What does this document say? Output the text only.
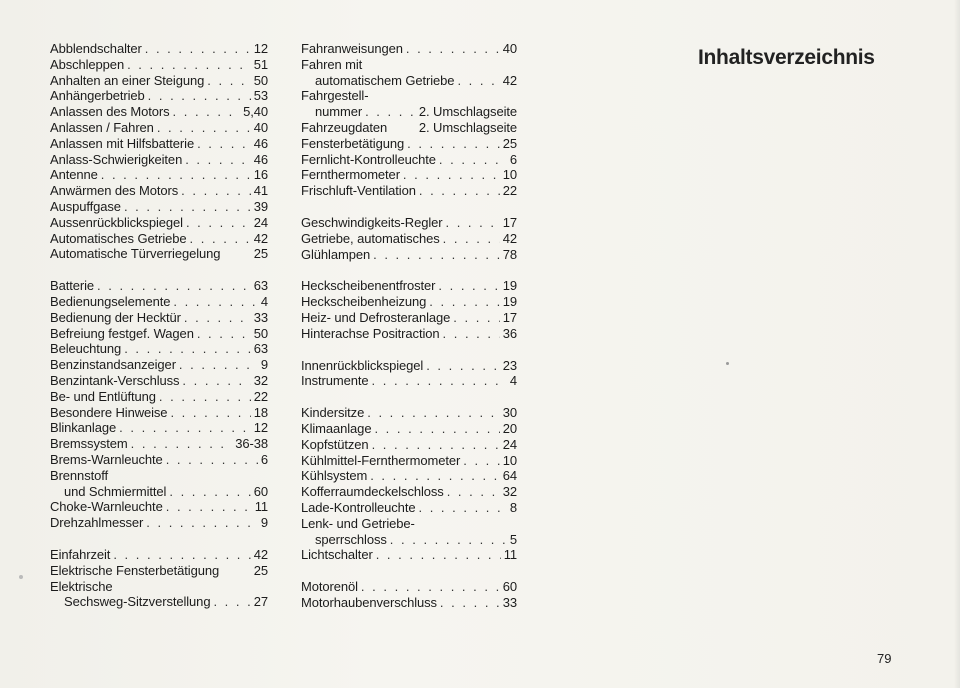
Abblendschalter . . .	12
Abschleppen . . .	51
Anhalten an einer Steigung . . .	50
Anhängerbetrieb . . .	53
Anlassen des Motors . . .	5,40
Anlassen / Fahren . . .	40
Anlassen mit Hilfsbatterie . . .	46
Anlass-Schwierigkeiten . . .	46
Antenne . . .	16
Anwärmen des Motors . . .	41
Auspuffgase . . .	39
Aussenrückblickspiegel . . .	24
Automatisches Getriebe . . .	42
Automatische Türverriegelung	25
Batterie . . .	63
Bedienungselemente . . .	4
Bedienung der Hecktür . . .	33
Befreiung festgef. Wagen . . .	50
Beleuchtung . . .	63
Benzinstandsanzeiger . . .	9
Benzintank-Verschluss . . .	32
Be- und Entlüftung . . .	22
Besondere Hinweise . . .	18
Blinkanlage . . .	12
Bremssystem . . .	36-38
Brems-Warnleuchte . . .	6
Brennstoff
und Schmiermittel . . .	60
Choke-Warnleuchte . . .	11
Drehzahlmesser . . .	9
Einfahrzeit . . .	42
Elektrische Fensterbetätigung	25
Elektrische
Sechsweg-Sitzverstellung . . .	27
Fahranweisungen . . .	40
Fahren mit
automatischem Getriebe . . .	42
Fahrgestell-
nummer . . .	2. Umschlagseite
Fahrzeugdaten 2. Umschlagseite
Fensterbetätigung . . .	25
Fernlicht-Kontrolleuchte . . .	6
Fernthermometer . . .	10
Frischluft-Ventilation . . .	22
Geschwindigkeits-Regler . . .	17
Getriebe, automatisches . . .	42
Glühlampen . . .	78
Heckscheibenentfroster . . .	19
Heckscheibenheizung . . .	19
Heiz- und Defrosteranlage . . .	17
Hinterachse Positraction . . .	36
Innenrückblickspiegel . . .	23
Instrumente . . .	4
Kindersitze . . .	30
Klimaanlage . . .	20
Kopfstützen . . .	24
Kühlmittel-Fernthermometer . . .	10
Kühlsystem . . .	64
Kofferraumdeckelschloss . . .	32
Lade-Kontrolleuchte . . .	8
Lenk- und Getriebe-
sperrschloss . . .	5
Lichtschalter . . .	11
Motorenöl . . .	60
Motorhaubenverschluss . . .	33
Inhaltsverzeichnis
79
